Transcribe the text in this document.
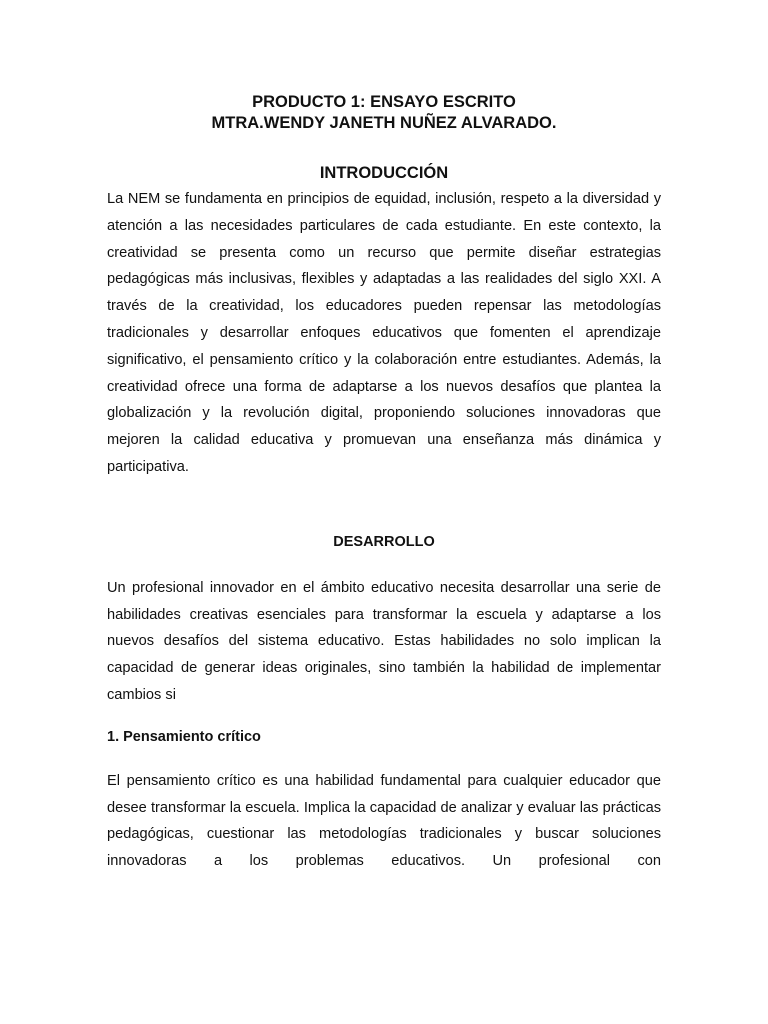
PRODUCTO 1: ENSAYO ESCRITO

MTRA.WENDY JANETH NUÑEZ ALVARADO.

INTRODUCCIÓN

La NEM se fundamenta en principios de equidad, inclusión, respeto a la diversidad y atención a las necesidades particulares de cada estudiante. En este contexto, la creatividad se presenta como un recurso que permite diseñar estrategias pedagógicas más inclusivas, flexibles y adaptadas a las realidades del siglo XXI. A través de la creatividad, los educadores pueden repensar las metodologías tradicionales y desarrollar enfoques educativos que fomenten el aprendizaje significativo, el pensamiento crítico y la colaboración entre estudiantes. Además, la creatividad ofrece una forma de adaptarse a los nuevos desafíos que plantea la globalización y la revolución digital, proponiendo soluciones innovadoras que mejoren la calidad educativa y promuevan una enseñanza más dinámica y participativa.

DESARROLLO

Un profesional innovador en el ámbito educativo necesita desarrollar una serie de habilidades creativas esenciales para transformar la escuela y adaptarse a los nuevos desafíos del sistema educativo. Estas habilidades no solo implican la capacidad de generar ideas originales, sino también la habilidad de implementar cambios si

1. Pensamiento crítico

El pensamiento crítico es una habilidad fundamental para cualquier educador que desee transformar la escuela. Implica la capacidad de analizar y evaluar las prácticas pedagógicas, cuestionar las metodologías tradicionales y buscar soluciones innovadoras a los problemas educativos. Un profesional con
